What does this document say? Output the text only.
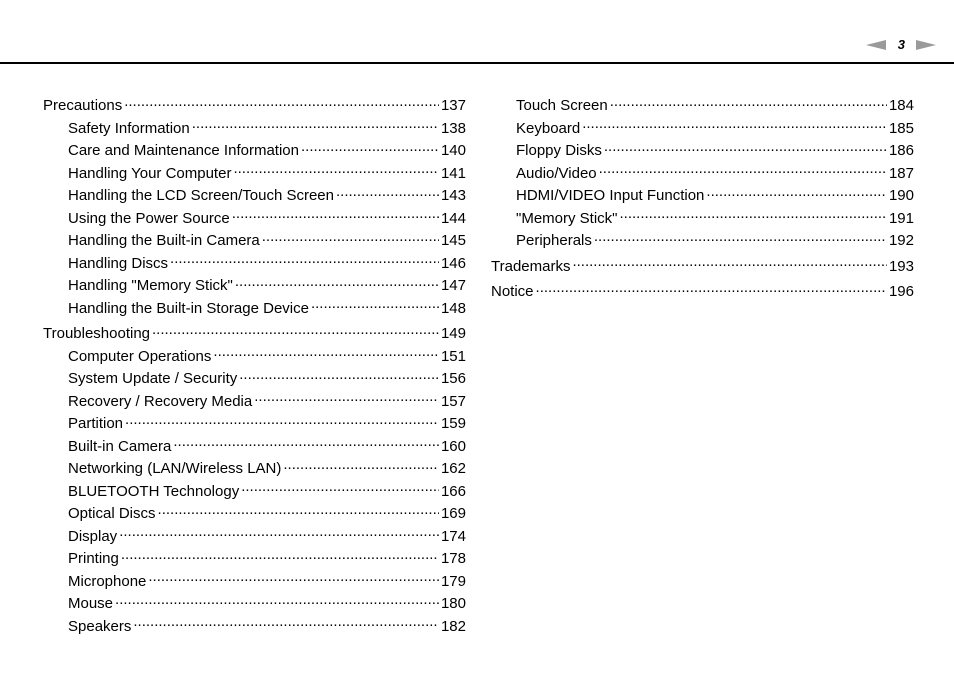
3
Precautions .....	137
Safety Information .....	138
Care and Maintenance Information .....	140
Handling Your Computer .....	141
Handling the LCD Screen/Touch Screen .....	143
Using the Power Source .....	144
Handling the Built-in Camera .....	145
Handling Discs .....	146
Handling "Memory Stick" .....	147
Handling the Built-in Storage Device .....	148
Troubleshooting .....	149
Computer Operations .....	151
System Update / Security .....	156
Recovery / Recovery Media .....	157
Partition .....	159
Built-in Camera .....	160
Networking (LAN/Wireless LAN) .....	162
BLUETOOTH Technology .....	166
Optical Discs .....	169
Display .....	174
Printing .....	178
Microphone .....	179
Mouse .....	180
Speakers .....	182
Touch Screen .....	184
Keyboard .....	185
Floppy Disks .....	186
Audio/Video .....	187
HDMI/VIDEO Input Function .....	190
"Memory Stick" .....	191
Peripherals .....	192
Trademarks .....	193
Notice .....	196
